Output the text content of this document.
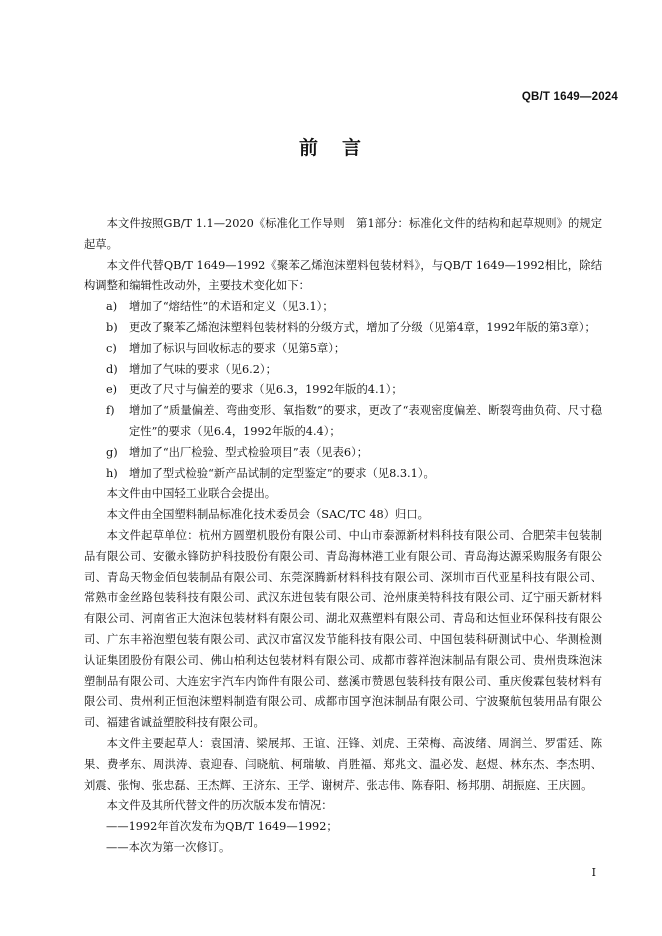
QB/T 1649—2024
前 言

本文件按照GB/T 1.1—2020《标准化工作导则　第1部分：标准化文件的结构和起草规则》的规定起草。

本文件代替QB/T 1649—1992《聚苯乙烯泡沫塑料包装材料》，与QB/T 1649—1992相比，除结构调整和编辑性改动外，主要技术变化如下：

a)	增加了“熔结性”的术语和定义（见3.1）；
b)	更改了聚苯乙烯泡沫塑料包装材料的分级方式，增加了分级（见第4章，1992年版的第3章）；
c)	增加了标识与回收标志的要求（见第5章）；
d)	增加了气味的要求（见6.2）；
e)	更改了尺寸与偏差的要求（见6.3，1992年版的4.1）；
f)	增加了“质量偏差、弯曲变形、氧指数”的要求，更改了“表观密度偏差、断裂弯曲负荷、尺寸稳定性”的要求（见6.4，1992年版的4.4）；
g)	增加了“出厂检验、型式检验项目”表（见表6）；
h)	增加了型式检验“新产品试制的定型鉴定”的要求（见8.3.1）。

本文件由中国轻工业联合会提出。

本文件由全国塑料制品标准化技术委员会（SAC/TC 48）归口。

本文件起草单位：杭州方圆塑机股份有限公司、中山市泰源新材料科技有限公司、合肥荣丰包装制品有限公司、安徽永锋防护科技股份有限公司、青岛海林港工业有限公司、青岛海达源采购服务有限公司、青岛天物金佰包装制品有限公司、东莞深腾新材料科技有限公司、深圳市百代亚星科技有限公司、常熟市金丝路包装科技有限公司、武汉东进包装有限公司、沧州康美特科技有限公司、辽宁丽天新材料有限公司、河南省正大泡沫包装材料有限公司、湖北双燕塑料有限公司、青岛和达恒业环保科技有限公司、广东丰裕泡塑包装有限公司、武汉市富汉发节能科技有限公司、中国包装科研测试中心、华测检测认证集团股份有限公司、佛山柏利达包装材料有限公司、成都市蓉祥泡沫制品有限公司、贵州贵珠泡沫塑制品有限公司、大连宏宇汽车内饰件有限公司、慈溪市赞恩包装科技有限公司、重庆俊霖包装材料有限公司、贵州利正恒泡沫塑料制造有限公司、成都市国亨泡沫制品有限公司、宁波聚航包装用品有限公司、福建省诚益塑胶科技有限公司。

本文件主要起草人：袁国清、梁展邦、王谊、汪锋、刘虎、王荣梅、高波绪、周润兰、罗雷廷、陈果、费孝东、周洪涛、袁迎春、闫晓航、柯瑞敏、肖胜福、郑兆文、温必发、赵煜、林东杰、李杰明、刘震、张恂、张忠磊、王杰辉、王济东、王学、谢树芹、张志伟、陈春阳、杨邦朋、胡振庭、王庆圆。

本文件及其所代替文件的历次版本发布情况：

——1992年首次发布为QB/T 1649—1992；

——本次为第一次修订。

I
